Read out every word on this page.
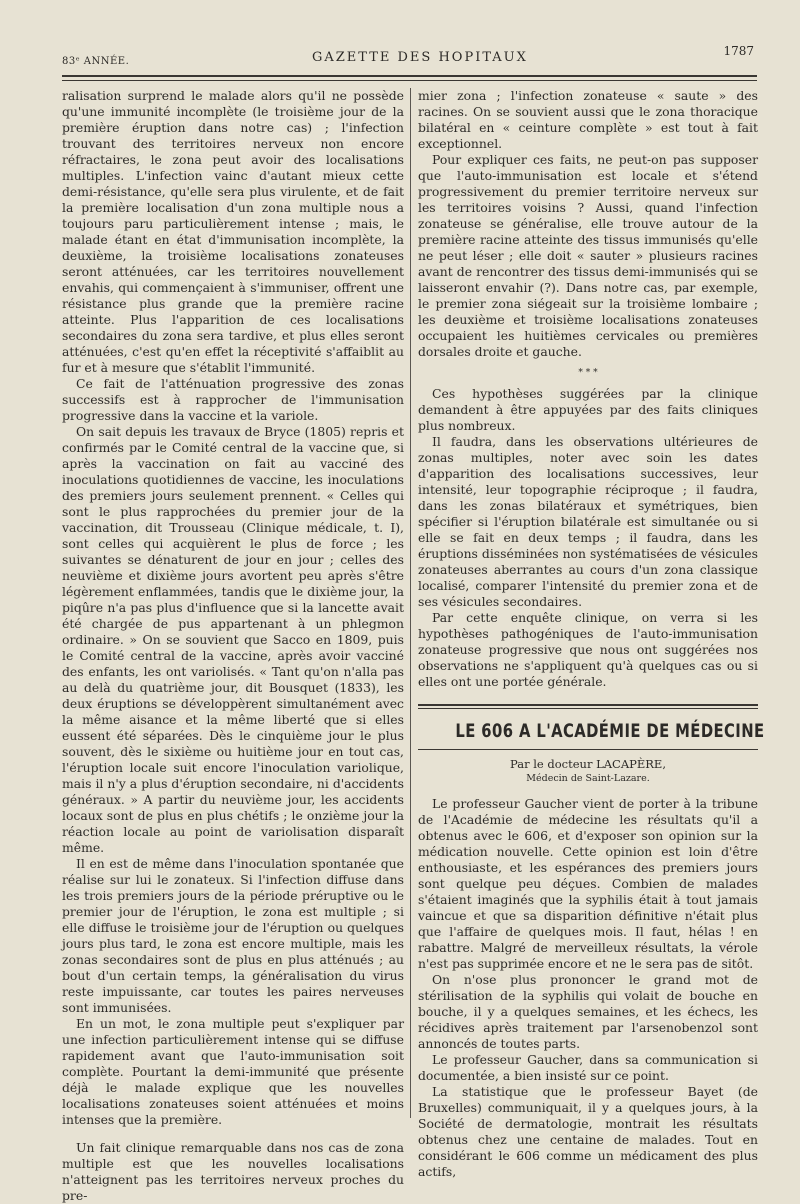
83ᵉ ANNÉE.	GAZETTE DES HOPITAUX	1787

ralisation surprend le malade alors qu'il ne possède qu'une immunité incomplète (le troisième jour de la première éruption dans notre cas) ; l'infection trouvant des territoires nerveux non encore réfractaires, le zona peut avoir des localisations multiples. L'infection vainc d'autant mieux cette demi-résistance, qu'elle sera plus virulente, et de fait la première localisation d'un zona multiple nous a toujours paru particulièrement intense ; mais, le malade étant en état d'immunisation incomplète, la deuxième, la troisième localisations zonateuses seront atténuées, car les territoires nouvellement envahis, qui commençaient à s'immuniser, offrent une résistance plus grande que la première racine atteinte. Plus l'apparition de ces localisations secondaires du zona sera tardive, et plus elles seront atténuées, c'est qu'en effet la réceptivité s'affaiblit au fur et à mesure que s'établit l'immunité.

Ce fait de l'atténuation progressive des zonas successifs est à rapprocher de l'immunisation progressive dans la vaccine et la variole.

On sait depuis les travaux de Bryce (1805) repris et confirmés par le Comité central de la vaccine que, si après la vaccination on fait au vacciné des inoculations quotidiennes de vaccine, les inoculations des premiers jours seulement prennent. « Celles qui sont le plus rapprochées du premier jour de la vaccination, dit Trousseau (Clinique médicale, t. I), sont celles qui acquièrent le plus de force ; les suivantes se dénaturent de jour en jour ; celles des neuvième et dixième jours avortent peu après s'être légèrement enflammées, tandis que le dixième jour, la piqûre n'a pas plus d'influence que si la lancette avait été chargée de pus appartenant à un phlegmon ordinaire. » On se souvient que Sacco en 1809, puis le Comité central de la vaccine, après avoir vacciné des enfants, les ont variolisés. « Tant qu'on n'alla pas au delà du quatrième jour, dit Bousquet (1833), les deux éruptions se développèrent simultanément avec la même aisance et la même liberté que si elles eussent été séparées. Dès le cinquième jour le plus souvent, dès le sixième ou huitième jour en tout cas, l'éruption locale suit encore l'inoculation variolique, mais il n'y a plus d'éruption secondaire, ni d'accidents généraux. » A partir du neuvième jour, les accidents locaux sont de plus en plus chétifs ; le onzième jour la réaction locale au point de variolisation disparaît même.

Il en est de même dans l'inoculation spontanée que réalise sur lui le zonateux. Si l'infection diffuse dans les trois premiers jours de la période préruptive ou le premier jour de l'éruption, le zona est multiple ; si elle diffuse le troisième jour de l'éruption ou quelques jours plus tard, le zona est encore multiple, mais les zonas secondaires sont de plus en plus atténués ; au bout d'un certain temps, la généralisation du virus reste impuissante, car toutes les paires nerveuses sont immunisées.

En un mot, le zona multiple peut s'expliquer par une infection particulièrement intense qui se diffuse rapidement avant que l'auto-immunisation soit complète. Pourtant la demi-immunité que présente déjà le malade explique que les nouvelles localisations zonateuses soient atténuées et moins intenses que la première.

Un fait clinique remarquable dans nos cas de zona multiple est que les nouvelles localisations n'atteignent pas les territoires nerveux proches du pre-

mier zona ; l'infection zonateuse « saute » des racines. On se souvient aussi que le zona thoracique bilatéral en « ceinture complète » est tout à fait exceptionnel.

Pour expliquer ces faits, ne peut-on pas supposer que l'auto-immunisation est locale et s'étend progressivement du premier territoire nerveux sur les territoires voisins ? Aussi, quand l'infection zonateuse se généralise, elle trouve autour de la première racine atteinte des tissus immunisés qu'elle ne peut léser ; elle doit « sauter » plusieurs racines avant de rencontrer des tissus demi-immunisés qui se laisseront envahir (?). Dans notre cas, par exemple, le premier zona siégeait sur la troisième lombaire ; les deuxième et troisième localisations zonateuses occupaient les huitièmes cervicales ou premières dorsales droite et gauche.

* * *

Ces hypothèses suggérées par la clinique demandent à être appuyées par des faits cliniques plus nombreux.

Il faudra, dans les observations ultérieures de zonas multiples, noter avec soin les dates d'apparition des localisations successives, leur intensité, leur topographie réciproque ; il faudra, dans les zonas bilatéraux et symétriques, bien spécifier si l'éruption bilatérale est simultanée ou si elle se fait en deux temps ; il faudra, dans les éruptions disséminées non systématisées de vésicules zonateuses aberrantes au cours d'un zona classique localisé, comparer l'intensité du premier zona et de ses vésicules secondaires.

Par cette enquête clinique, on verra si les hypothèses pathogéniques de l'auto-immunisation zonateuse progressive que nous ont suggérées nos observations ne s'appliquent qu'à quelques cas ou si elles ont une portée générale.

LE 606 A L'ACADÉMIE DE MÉDECINE
Par le docteur LACAPÈRE,
Médecin de Saint-Lazare.

Le professeur Gaucher vient de porter à la tribune de l'Académie de médecine les résultats qu'il a obtenus avec le 606, et d'exposer son opinion sur la médication nouvelle. Cette opinion est loin d'être enthousiaste, et les espérances des premiers jours sont quelque peu déçues. Combien de malades s'étaient imaginés que la syphilis était à tout jamais vaincue et que sa disparition définitive n'était plus que l'affaire de quelques mois. Il faut, hélas ! en rabattre. Malgré de merveilleux résultats, la vérole n'est pas supprimée encore et ne le sera pas de sitôt.

On n'ose plus prononcer le grand mot de stérilisation de la syphilis qui volait de bouche en bouche, il y a quelques semaines, et les échecs, les récidives après traitement par l'arsenobenzol sont annoncés de toutes parts.

Le professeur Gaucher, dans sa communication si documentée, a bien insisté sur ce point.

La statistique que le professeur Bayet (de Bruxelles) communiquait, il y a quelques jours, à la Société de dermatologie, montrait les résultats obtenus chez une centaine de malades. Tout en considérant le 606 comme un médicament des plus actifs,
